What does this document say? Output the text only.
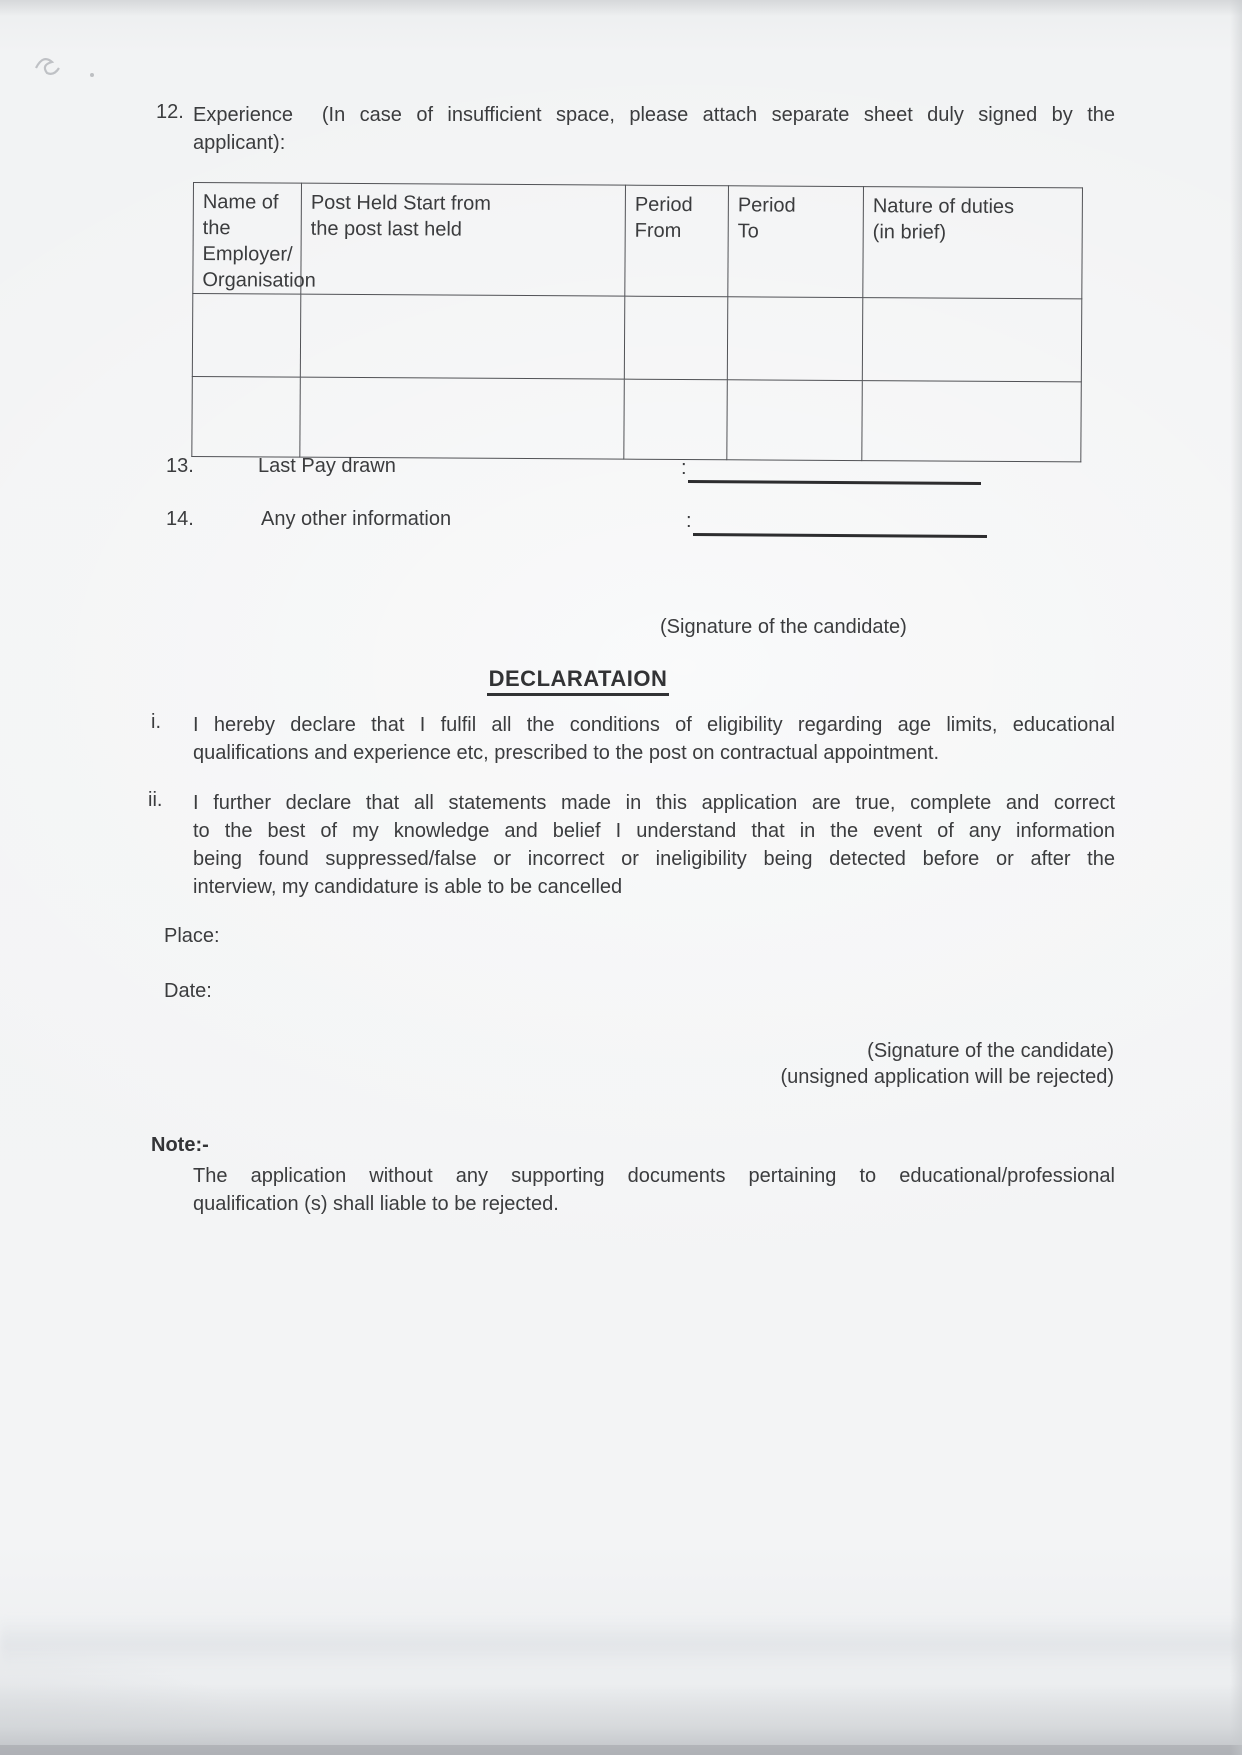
12. Experience  (In case of insufficient space, please attach separate sheet duly signed by the
applicant):
Name of the
Employer/
Organisation

Post Held Start from
the post last held

Period
From

Period
To

Nature of duties
(in brief)

13.	Last Pay drawn	:
14.	Any other information	:
(Signature of the candidate)
DECLARATAION
i. I hereby declare that I fulfil all the conditions of eligibility regarding age limits, educational
qualifications and experience etc, prescribed to the post on contractual appointment.
ii. I further declare that all statements made in this application are true, complete and correct
to the best of my knowledge and belief I understand that in the event of any information
being found suppressed/false or incorrect or ineligibility being detected before or after the
interview, my candidature is able to be cancelled
Place:
Date:
(Signature of the candidate)
(unsigned application will be rejected)
Note:-
The application without any supporting documents pertaining to educational/professional
qualification (s) shall liable to be rejected.
